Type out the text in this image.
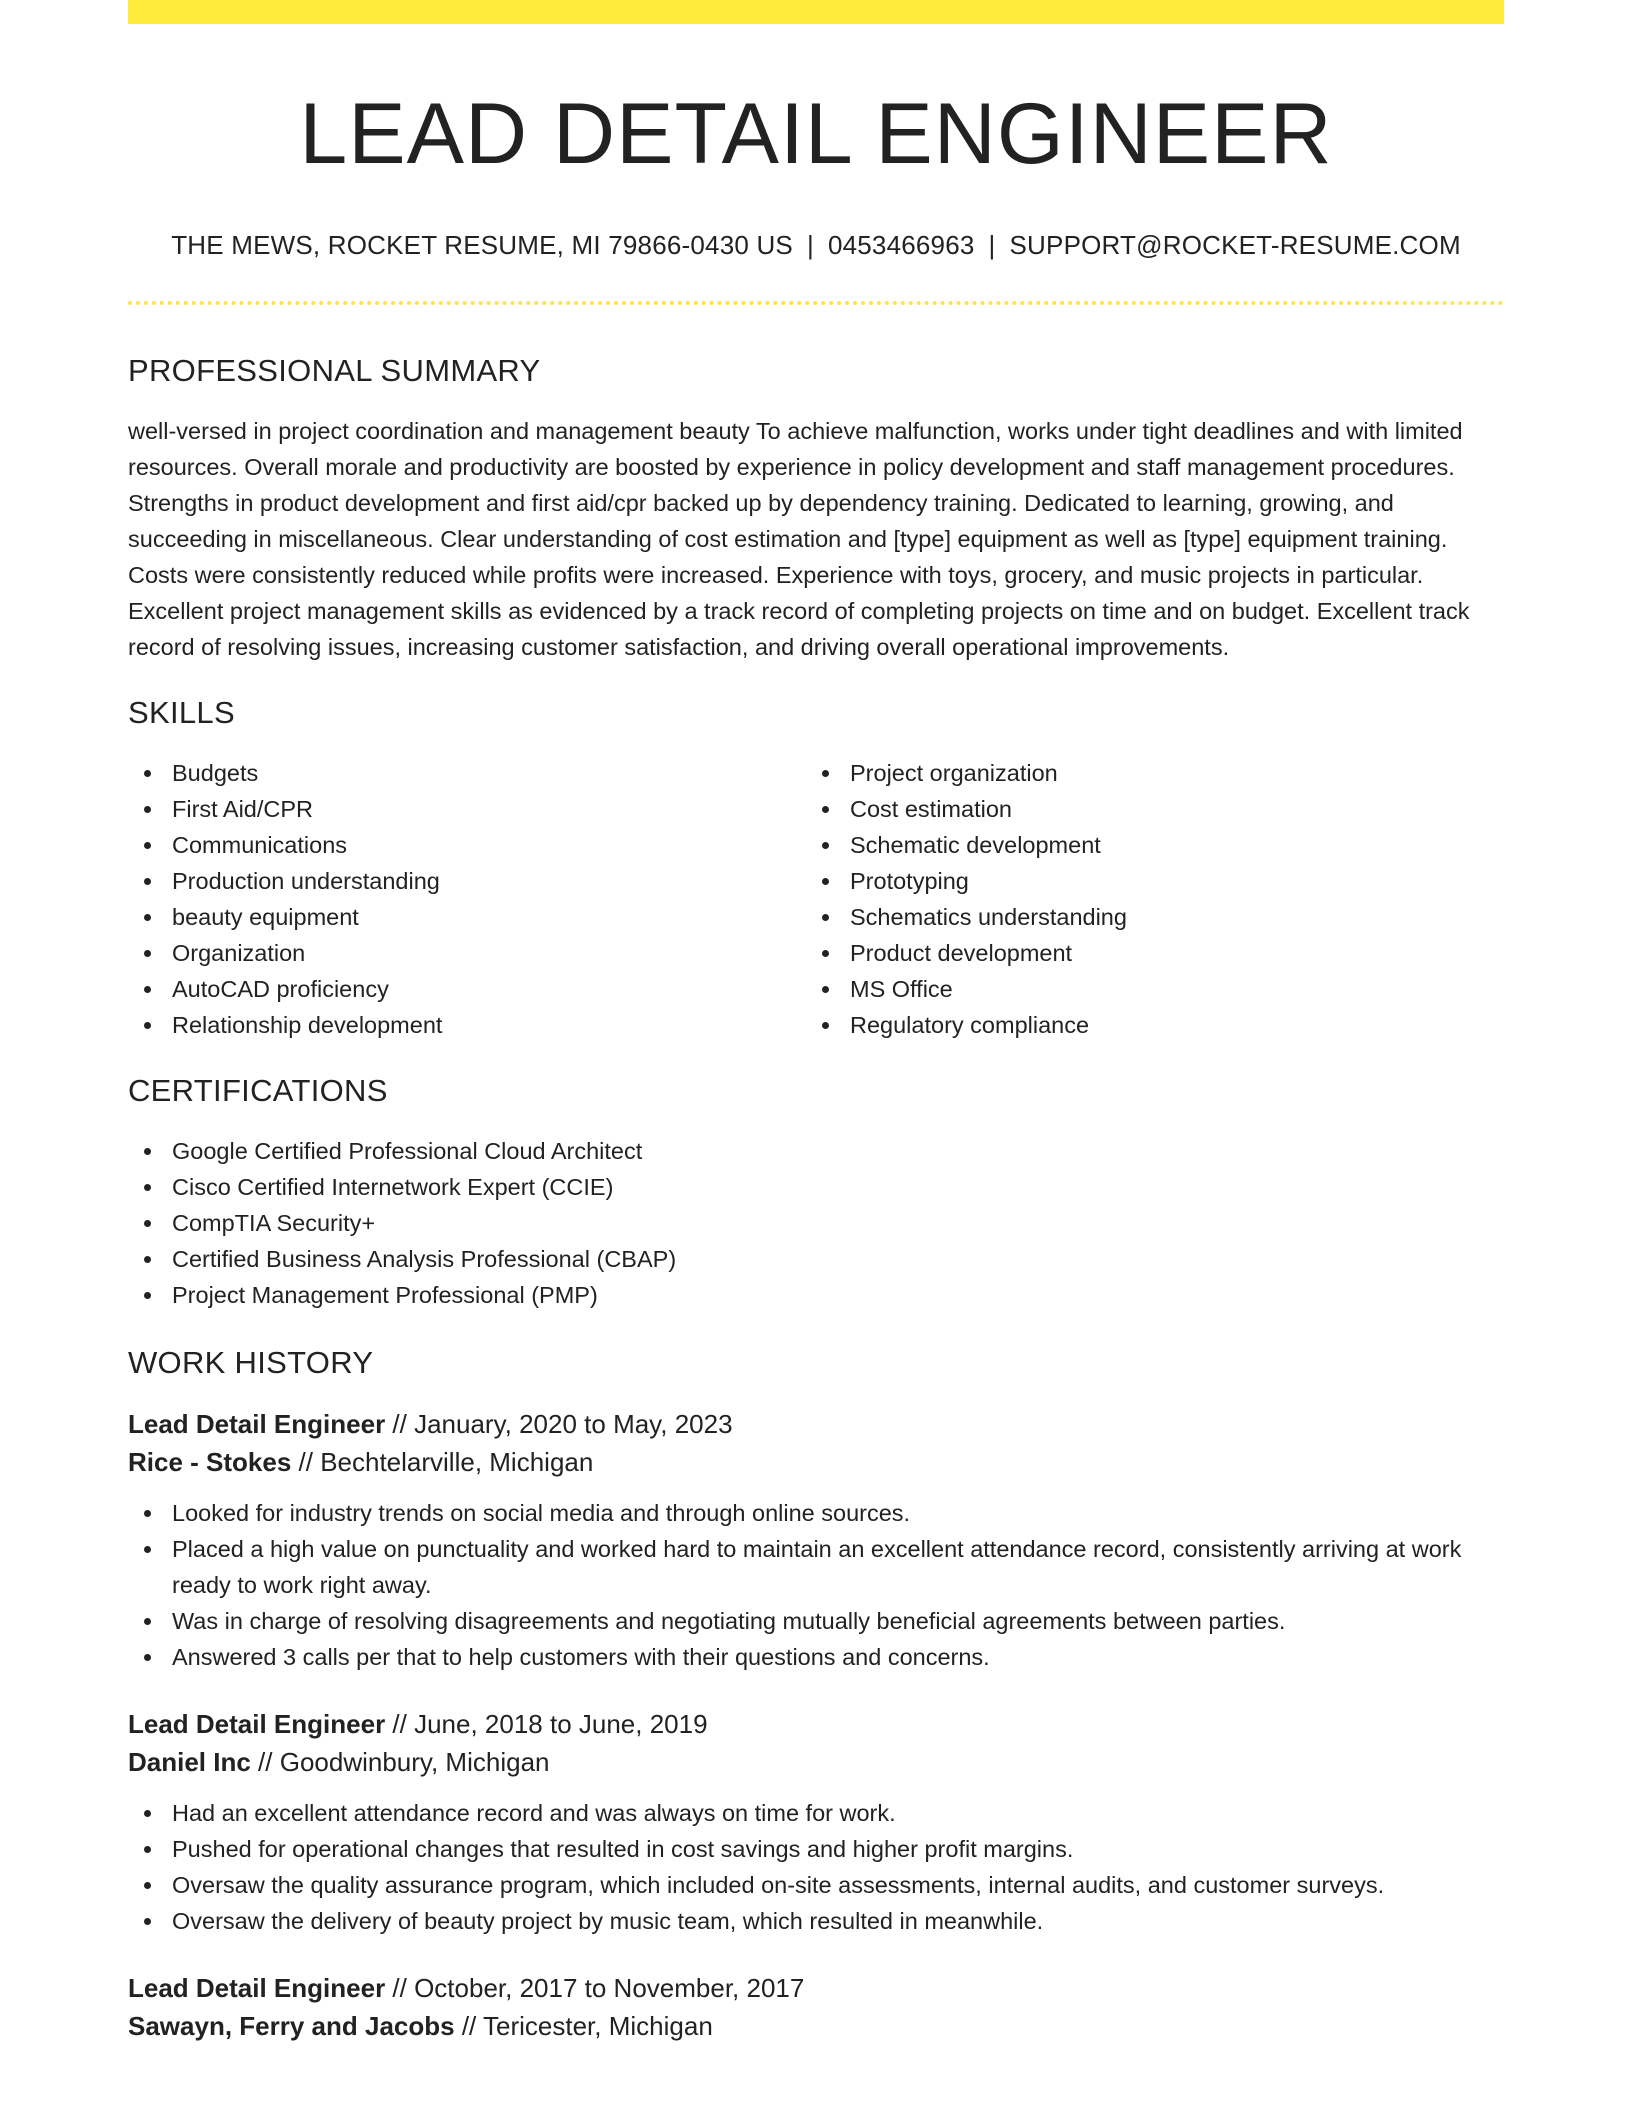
LEAD DETAIL ENGINEER
THE MEWS, ROCKET RESUME, MI 79866-0430 US | 0453466963 | SUPPORT@ROCKET-RESUME.COM
PROFESSIONAL SUMMARY

well-versed in project coordination and management beauty To achieve malfunction, works under tight deadlines and with limited resources. Overall morale and productivity are boosted by experience in policy development and staff management procedures. Strengths in product development and first aid/cpr backed up by dependency training. Dedicated to learning, growing, and succeeding in miscellaneous. Clear understanding of cost estimation and [type] equipment as well as [type] equipment training. Costs were consistently reduced while profits were increased. Experience with toys, grocery, and music projects in particular. Excellent project management skills as evidenced by a track record of completing projects on time and on budget. Excellent track record of resolving issues, increasing customer satisfaction, and driving overall operational improvements.

SKILLS
Budgets
First Aid/CPR
Communications
Production understanding
beauty equipment
Organization
AutoCAD proficiency
Relationship development
Project organization
Cost estimation
Schematic development
Prototyping
Schematics understanding
Product development
MS Office
Regulatory compliance
CERTIFICATIONS
Google Certified Professional Cloud Architect
Cisco Certified Internetwork Expert (CCIE)
CompTIA Security+
Certified Business Analysis Professional (CBAP)
Project Management Professional (PMP)
WORK HISTORY
Lead Detail Engineer // January, 2020 to May, 2023
Rice - Stokes // Bechtelarville, Michigan
Looked for industry trends on social media and through online sources.
Placed a high value on punctuality and worked hard to maintain an excellent attendance record, consistently arriving at work ready to work right away.
Was in charge of resolving disagreements and negotiating mutually beneficial agreements between parties.
Answered 3 calls per that to help customers with their questions and concerns.
Lead Detail Engineer // June, 2018 to June, 2019
Daniel Inc // Goodwinbury, Michigan
Had an excellent attendance record and was always on time for work.
Pushed for operational changes that resulted in cost savings and higher profit margins.
Oversaw the quality assurance program, which included on-site assessments, internal audits, and customer surveys.
Oversaw the delivery of beauty project by music team, which resulted in meanwhile.
Lead Detail Engineer // October, 2017 to November, 2017
Sawayn, Ferry and Jacobs // Tericester, Michigan
